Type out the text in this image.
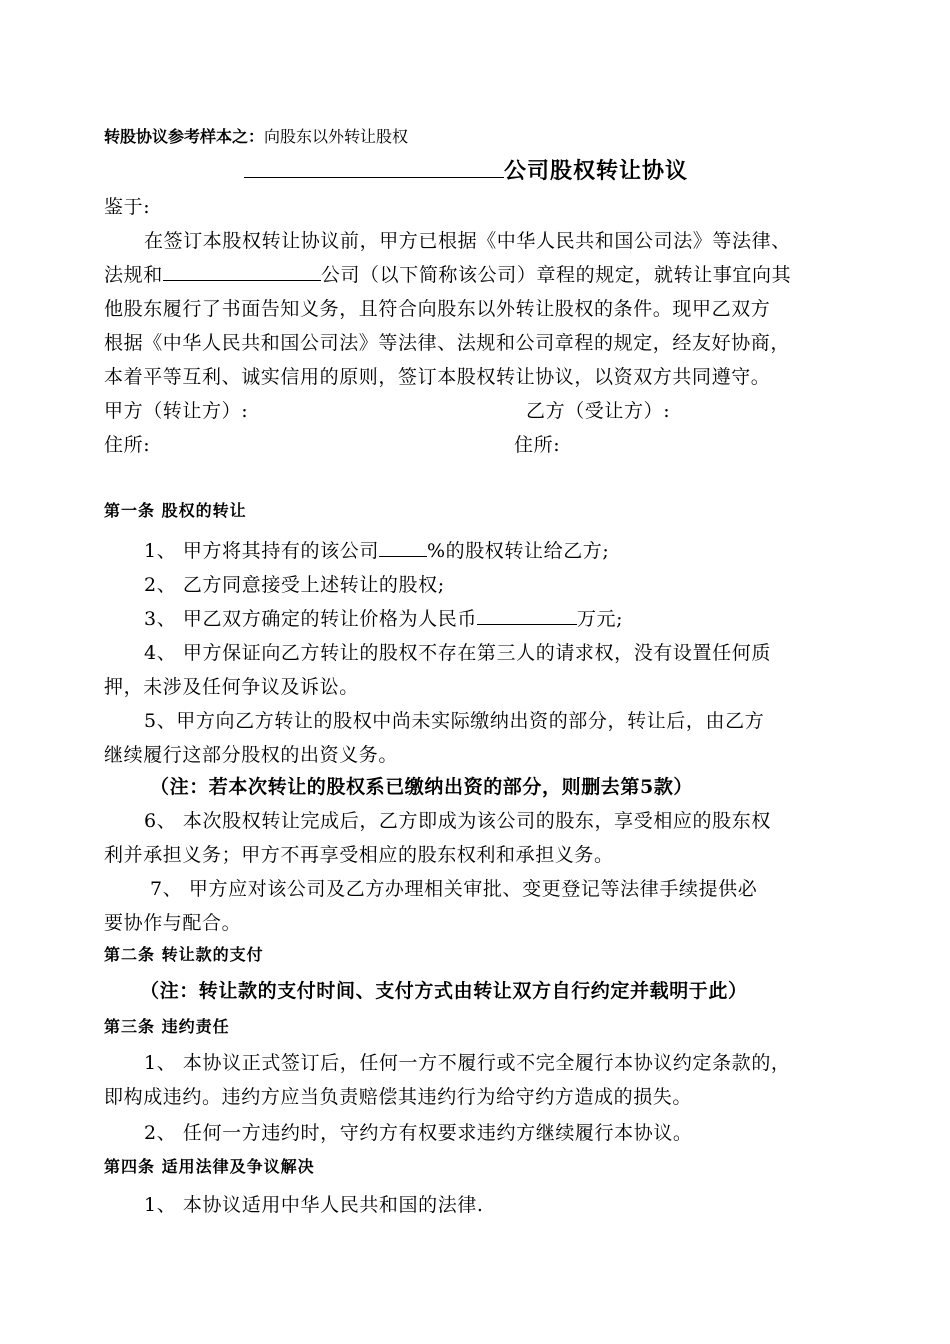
转股协议参考样本之：向股东以外转让股权
公司股权转让协议
鉴于:
在签订本股权转让协议前，甲方已根据《中华人民共和国公司法》等法律、
法规和	公司（以下简称该公司）章程的规定，就转让事宜向其
他股东履行了书面告知义务，且符合向股东以外转让股权的条件。现甲乙双方
根据《中华人民共和国公司法》等法律、法规和公司章程的规定，经友好协商，
本着平等互利、诚实信用的原则，签订本股权转让协议，以资双方共同遵守。
甲方（转让方）:	乙方（受让方）:
住所:	住所:
第一条 股权的转让
1、 甲方将其持有的该公司	%的股权转让给乙方;
2、 乙方同意接受上述转让的股权;
3、 甲乙双方确定的转让价格为人民币	万元;
4、 甲方保证向乙方转让的股权不存在第三人的请求权，没有设置任何质
押，未涉及任何争议及诉讼。
5、甲方向乙方转让的股权中尚未实际缴纳出资的部分，转让后，由乙方
继续履行这部分股权的出资义务。
（注：若本次转让的股权系已缴纳出资的部分，则删去第5款）
6、 本次股权转让完成后，乙方即成为该公司的股东，享受相应的股东权
利并承担义务；甲方不再享受相应的股东权利和承担义务。
7、 甲方应对该公司及乙方办理相关审批、变更登记等法律手续提供必
要协作与配合。
第二条 转让款的支付
（注：转让款的支付时间、支付方式由转让双方自行约定并载明于此）
第三条 违约责任
1、 本协议正式签订后，任何一方不履行或不完全履行本协议约定条款的，
即构成违约。违约方应当负责赔偿其违约行为给守约方造成的损失。
2、 任何一方违约时，守约方有权要求违约方继续履行本协议。
第四条 适用法律及争议解决
1、 本协议适用中华人民共和国的法律.
